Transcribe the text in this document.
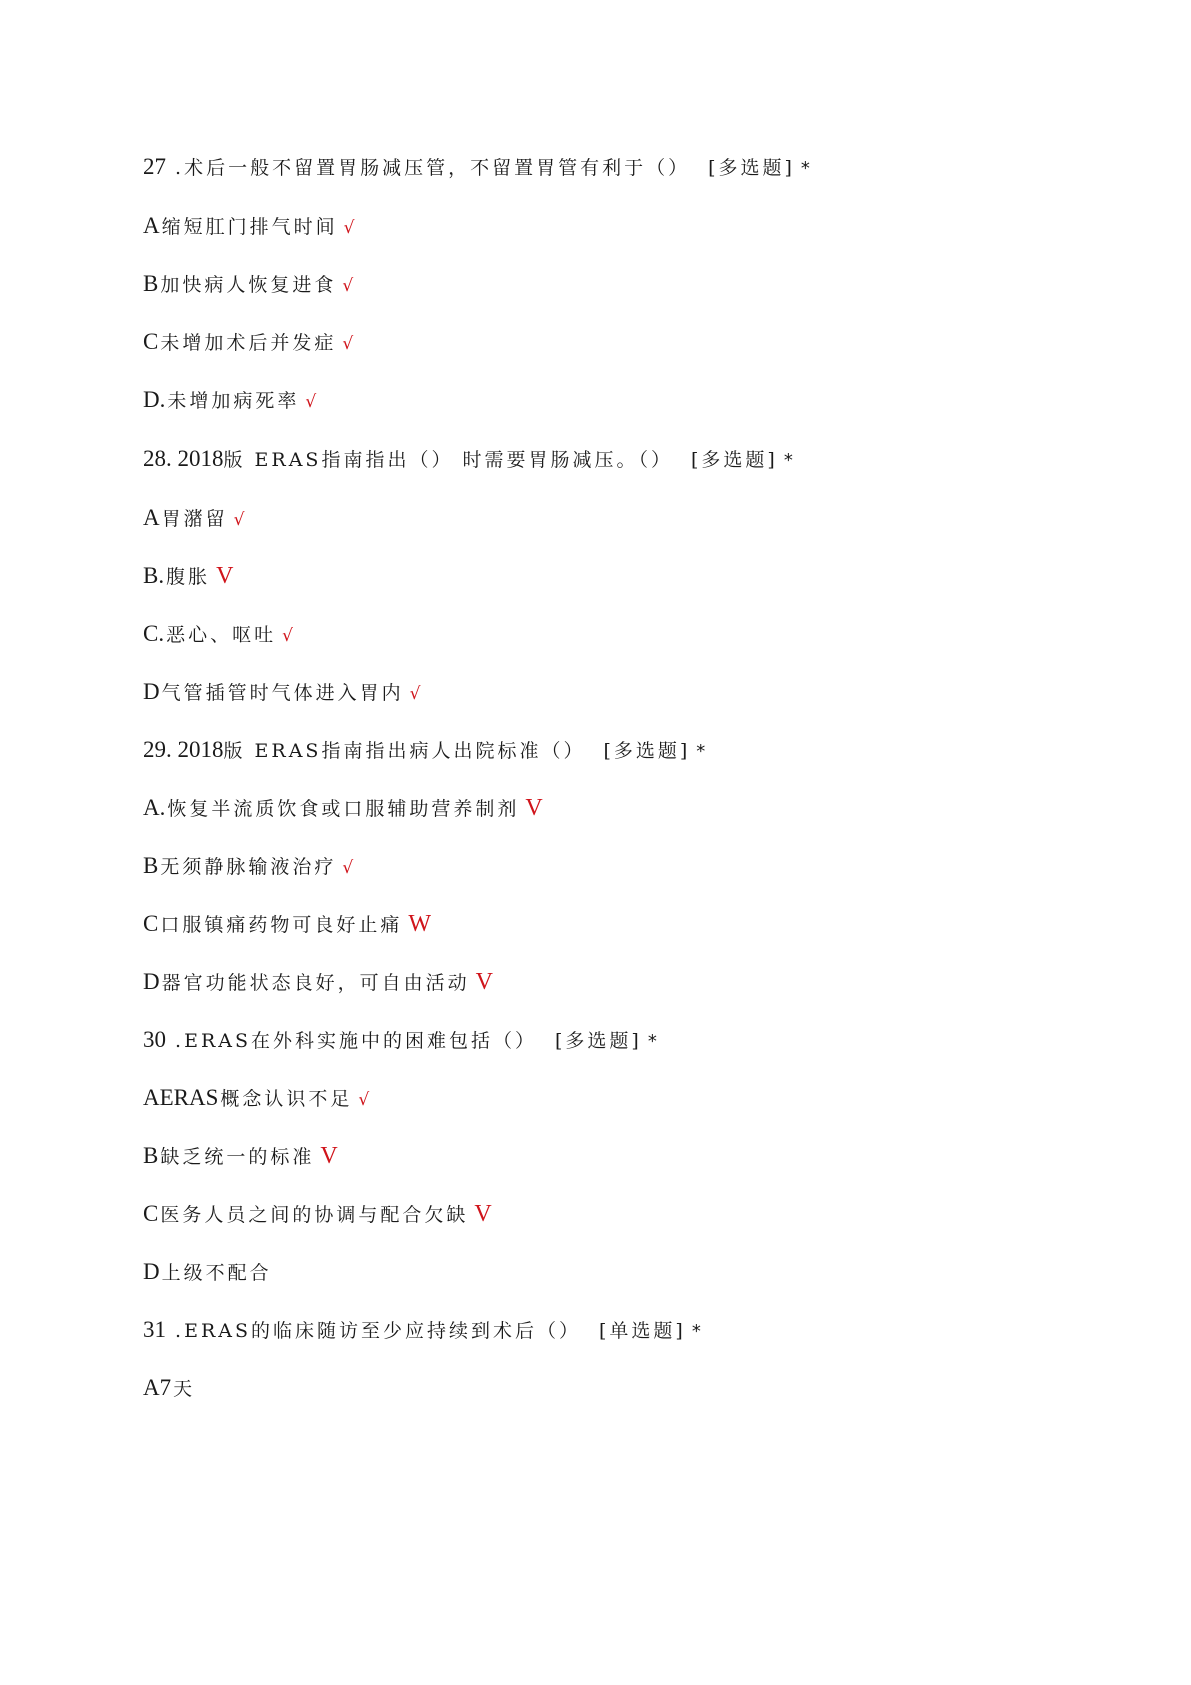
27 .术后一般不留置胃肠减压管，不留置胃管有利于（） [多选题] *
A 缩短肛门排气时间 √
B 加快病人恢复进食 √
C 未增加术后并发症 √
D. 未增加病死率 √
28. 2018版 ERAS指南指出（） 时需要胃肠减压。（） [多选题] *
A 胃潴留 √
B. 腹胀 V
C. 恶心、呕吐 √
D 气管插管时气体进入胃内 √
29. 2018版 ERAS指南指出病人出院标准（） [多选题] *
A. 恢复半流质饮食或口服辅助营养制剂 V
B 无须静脉输液治疗 √
C 口服镇痛药物可良好止痛 W
D 器官功能状态良好，可自由活动 V
30 .ERAS在外科实施中的困难包括（） [多选题] *
AERAS 概念认识不足 √
B 缺乏统一的标准 V
C 医务人员之间的协调与配合欠缺 V
D 上级不配合
31 .ERAS的临床随访至少应持续到术后（） [单选题] *
A7 天
